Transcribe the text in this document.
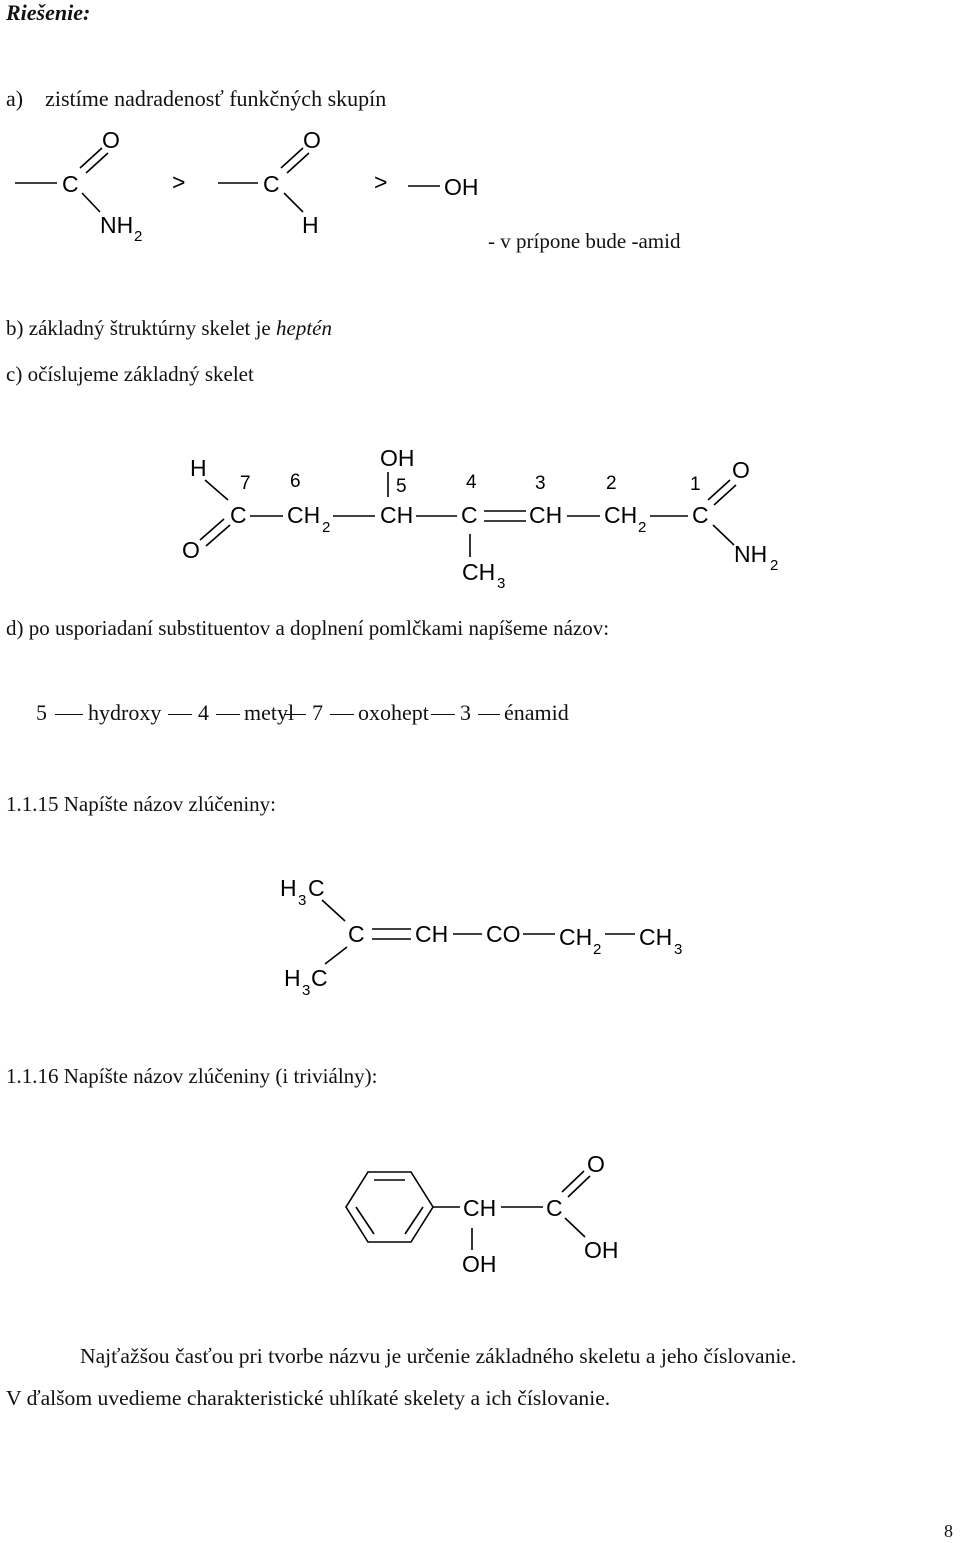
Riešenie:
a)    zistíme nadradenosť funkčných skupín
C
O
NH 2
>	C
O
H
> OH
- v prípone bude -amid
b) základný štruktúrny skelet je heptén
c) očíslujeme základný skelet
H
O
C CH 2
OH
CH C
CH 3
CH CH 2 C
O
NH 2
7 6	5	4	3	2	1
d) po usporiadaní substituentov a doplnení pomlčkami napíšeme názov:
5 hydroxy 4 metyl 7 oxohept 3 énamid
1.1.15 Napíšte názov zlúčeniny:
H 3 C
H 3 C
C CH CO CH 2 CH 3
1.1.16 Napíšte názov zlúčeniny (i triviálny):
CH
OH
C
O
OH
Najťažšou časťou pri tvorbe názvu je určenie základného skeletu a jeho číslovanie.
V ďalšom uvedieme charakteristické uhlíkaté skelety a ich číslovanie.
8
